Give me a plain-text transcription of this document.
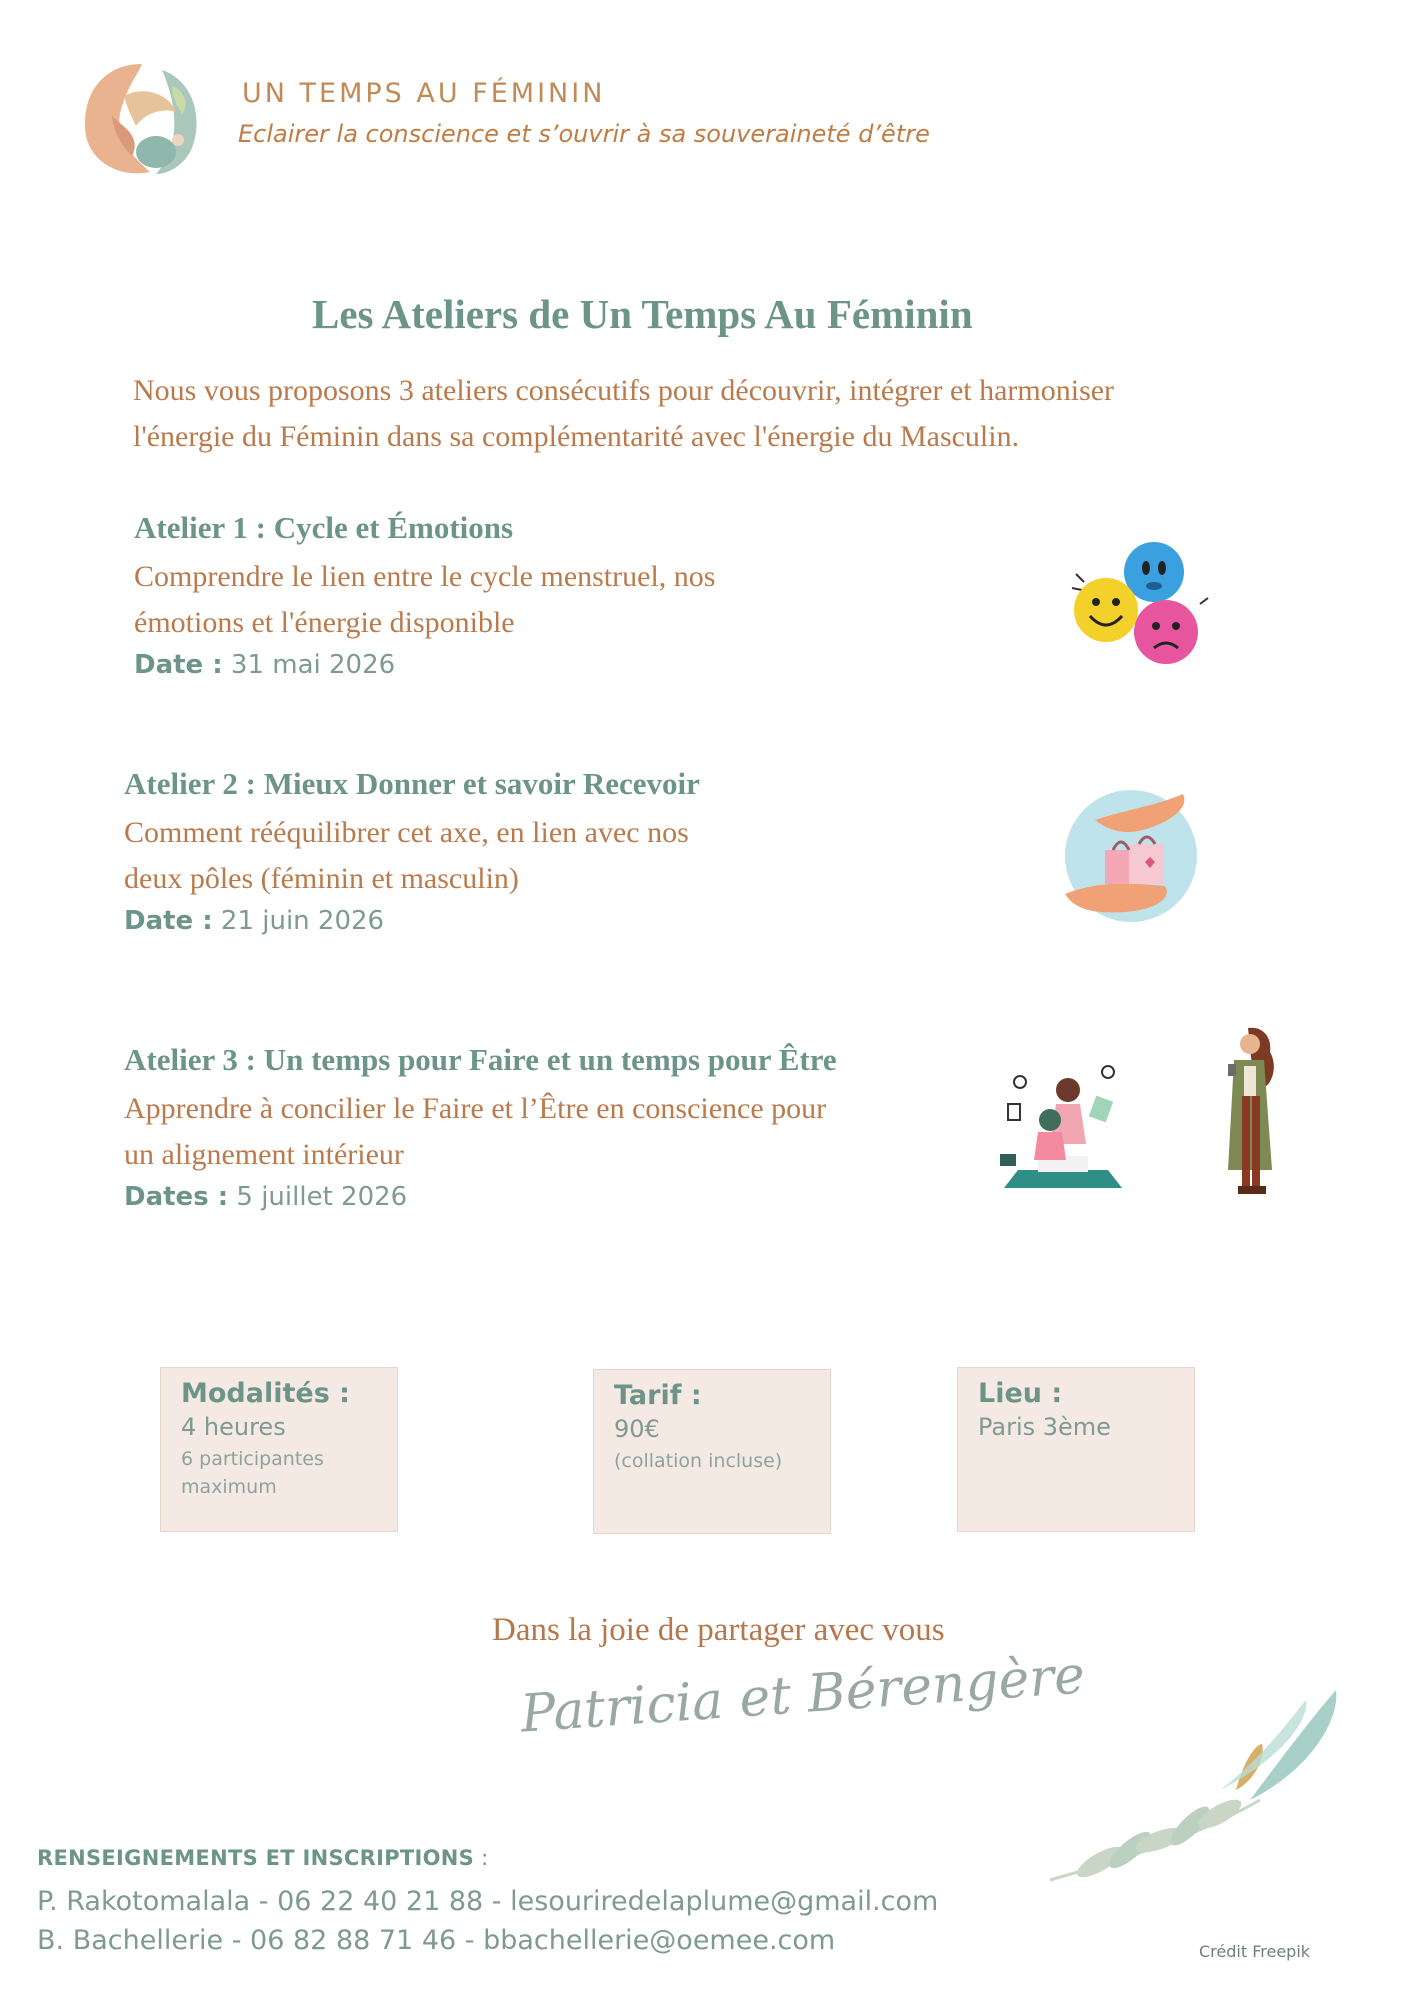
UN TEMPS AU FÉMININ
Eclairer la conscience et s’ouvrir à sa souveraineté d’être
Les Ateliers de Un Temps Au Féminin
Nous vous proposons 3 ateliers consécutifs pour découvrir, intégrer et harmoniser
l'énergie du Féminin dans sa complémentarité avec l'énergie du Masculin.
Atelier 1 : Cycle et Émotions
Comprendre le lien entre le cycle menstruel, nos
émotions et l'énergie disponible
Date : 31 mai 2026
Atelier 2 : Mieux Donner et savoir Recevoir
Comment rééquilibrer cet axe, en lien avec nos
deux pôles (féminin et masculin)
Date : 21 juin 2026
Atelier 3 : Un temps pour Faire et un temps pour Être
Apprendre à concilier le Faire et l’Être en conscience pour
un alignement intérieur
Dates : 5 juillet 2026
Modalités :
4 heures
6 participantes
maximum
Tarif :
90€
(collation incluse)
Lieu :
Paris 3ème
Dans la joie de partager avec vous
Patricia et Bérengère
RENSEIGNEMENTS ET INSCRIPTIONS :
P. Rakotomalala - 06 22 40 21 88 - lesouriredelaplume@gmail.com
B. Bachellerie - 06 82 88 71 46 - bbachellerie@oemee.com	Crédit Freepik
